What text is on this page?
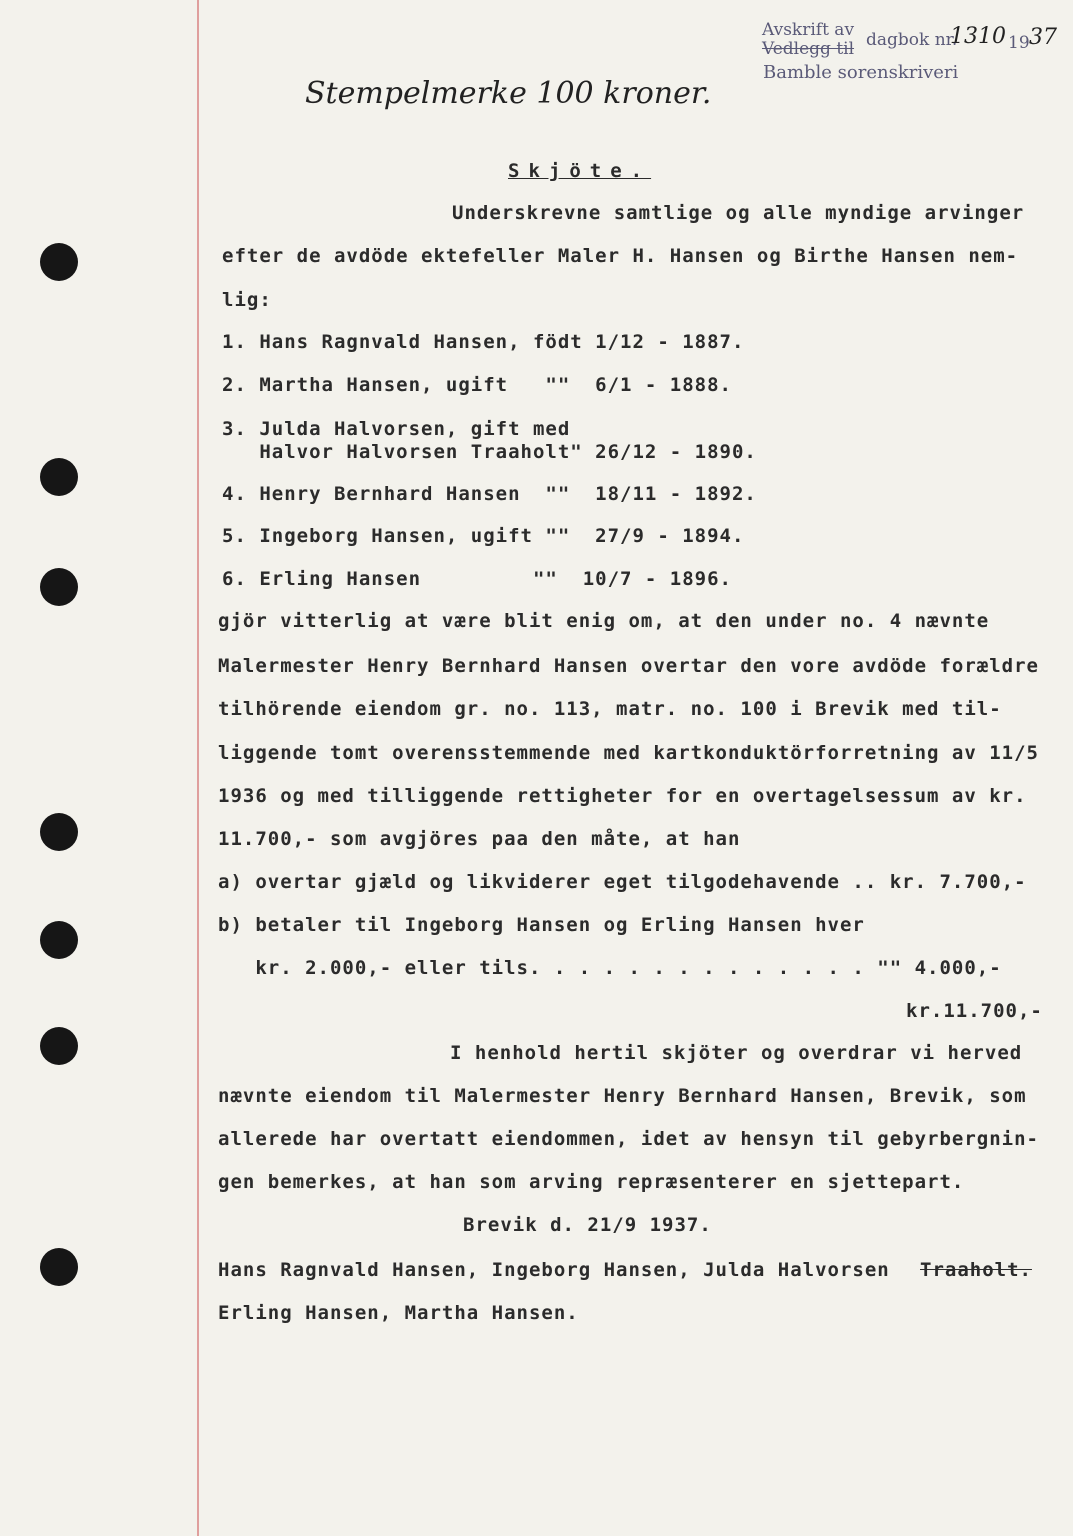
Avskrift av
Vedlegg til dagbok nr.
1310 19 37
Bamble sorenskriveri
Stempelmerke 100 kroner.
Skjöte.
Underskrevne samtlige og alle myndige arvinger
efter de avdöde ektefeller Maler H. Hansen og Birthe Hansen nem-
lig:
1. Hans Ragnvald Hansen, födt 1/12 - 1887.
2. Martha Hansen, ugift   ""  6/1 - 1888.
3. Julda Halvorsen, gift med
Halvor Halvorsen Traaholt" 26/12 - 1890.
4. Henry Bernhard Hansen  ""  18/11 - 1892.
5. Ingeborg Hansen, ugift ""  27/9 - 1894.
6. Erling Hansen         ""  10/7 - 1896.
gjör vitterlig at være blit enig om, at den under no. 4 nævnte
Malermester Henry Bernhard Hansen overtar den vore avdöde forældre
tilhörende eiendom gr. no. 113, matr. no. 100 i Brevik med til-
liggende tomt overensstemmende med kartkonduktörforretning av 11/5
1936 og med tilliggende rettigheter for en overtagelsessum av kr.
11.700,- som avgjöres paa den måte, at han
a) overtar gjæld og likviderer eget tilgodehavende .. kr. 7.700,-
b) betaler til Ingeborg Hansen og Erling Hansen hver
kr. 2.000,- eller tils. . . . . . . . . . . . . . "" 4.000,-
kr.11.700,-
I henhold hertil skjöter og overdrar vi herved
nævnte eiendom til Malermester Henry Bernhard Hansen, Brevik, som
allerede har overtatt eiendommen, idet av hensyn til gebyrbergnin-
gen bemerkes, at han som arving repræsenterer en sjettepart.
Brevik d. 21/9 1937.
Hans Ragnvald Hansen, Ingeborg Hansen, Julda Halvorsen Traaholt.
Erling Hansen, Martha Hansen.
